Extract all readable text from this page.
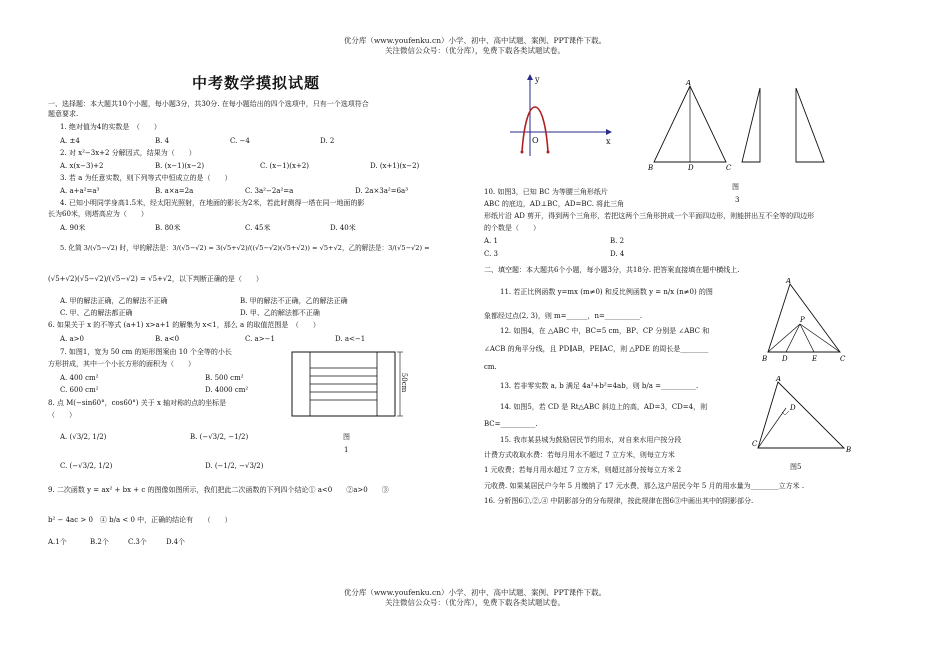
优分库（www.youfenku.cn）小学、初中、高中试题、案例、PPT课件下载。
关注微信公众号：（优分库），免费下载各类试题试卷。
中考数学摸拟试题
一、选择题：本大题共10个小题，每小题3分，共30分. 在每小题给出的四个选项中，只有一个选项符合
题意要求.
1. 绝对值为4的实数是　（　　）
A. ±4	B. 4	C. −4	D. 2
2. 对 x²−3x+2 分解因式，结果为（　　）
A. x(x−3)+2	B. (x−1)(x−2)	C. (x−1)(x+2)	D. (x+1)(x−2)
3. 若 a 为任意实数，则下列等式中恒成立的是（　　）
A. a+a²=a³	B. a×a=2a	C. 3a²−2a²=a	D. 2a×3a²=6a³
4. 已知小明同学身高1.5米，经太阳光照射，在地面的影长为2米，若此时测得一塔在同一地面的影
长为60米，则塔高应为（　　）
A. 90米	B. 80米	C. 45米	D. 40米
5. 化简 3/(√5−√2) 时，甲的解法是：3/(√5−√2) = 3(√5+√2)/((√5−√2)(√5+√2)) = √5+√2，乙的解法是：3/(√5−√2) =
(√5+√2)(√5−√2)/(√5−√2) = √5+√2，以下判断正确的是（　　）
A. 甲的解法正确，乙的解法不正确	B. 甲的解法不正确，乙的解法正确
C. 甲、乙的解法都正确	D. 甲、乙的解法都不正确
6. 如果关于 x 的不等式 (a+1) x>a+1 的解集为 x<1，那么 a 的取值范围是　（　　）
A. a>0	B. a<0	C. a>−1	D. a<−1
7. 如图1，宽为 50 cm 的矩形图案由 10 个全等的小长
方形拼成，其中一个小长方形的面积为（　　）
A. 400 cm²	B. 500 cm²
C. 600 cm²	D. 4000 cm²
8. 点 M(−sin60°，cos60°) 关于 x 轴对称的点的坐标是
（　　）
A. (√3/2, 1/2)	B. (−√3/2, −1/2)
C. (−√3/2, 1/2)	D. (−1/2, −√3/2)
9. 二次函数 y = ax² + bx + c 的图像如图所示，我们把此二次函数的下列四个结论① a<0　　②a>0　　③
b² − 4ac > 0　④ b/a < 0 中，正确的结论有　　（　　）
A.1个	B.2个	C.3个	D.4个
50cm
图
1
y
O	x
A
B	D	C
图
3
10. 如图3，已知 BC 为等腰三角形纸片
ABC 的底边，AD⊥BC，AD=BC. 将此三角
形纸片沿 AD 剪开，得到两个三角形，若把这两个三角形拼成一个平面四边形，则能拼出互不全等的四边形
的个数是（　　）
A. 1	B. 2
C. 3	D. 4
二、填空题：本大题共6个小题，每小题3分，共18分. 把答案直接填在题中横线上.
11. 若正比例函数 y=mx (m≠0) 和反比例函数 y = n/x (n≠0) 的图
象都经过点(2, 3)，则 m=______，n=__________.
12. 如图4，在 △ABC 中，BC=5 cm，BP、CP 分别是 ∠ABC 和
∠ACB 的角平分线，且 PD∥AB，PE∥AC，则 △PDE 的周长是________
cm.
13. 若非零实数 a, b 满足 4a²+b²=4ab，则 b/a =__________.
14. 如图5，若 CD 是 Rt△ABC 斜边上的高，AD=3，CD=4，则
BC=__________.
15. 我市某县城为鼓励居民节约用水，对自来水用户按分段
计费方式收取水费：若每月用水不超过 7 立方米，则每立方米
1 元收费；若每月用水超过 7 立方米，则超过部分按每立方米 2
元收费. 如果某居民户今年 5 月缴纳了 17 元水费，那么这户居民今年 5 月的用水量为________立方米 .
16. 分析图6①,②,④ 中阴影部分的分布规律，按此规律在图6③中画出其中的阴影部分.
A
P
B D	E	C
A
D
C
B
图5
优分库（www.youfenku.cn）小学、初中、高中试题、案例、PPT课件下载。
关注微信公众号：（优分库），免费下载各类试题试卷。
